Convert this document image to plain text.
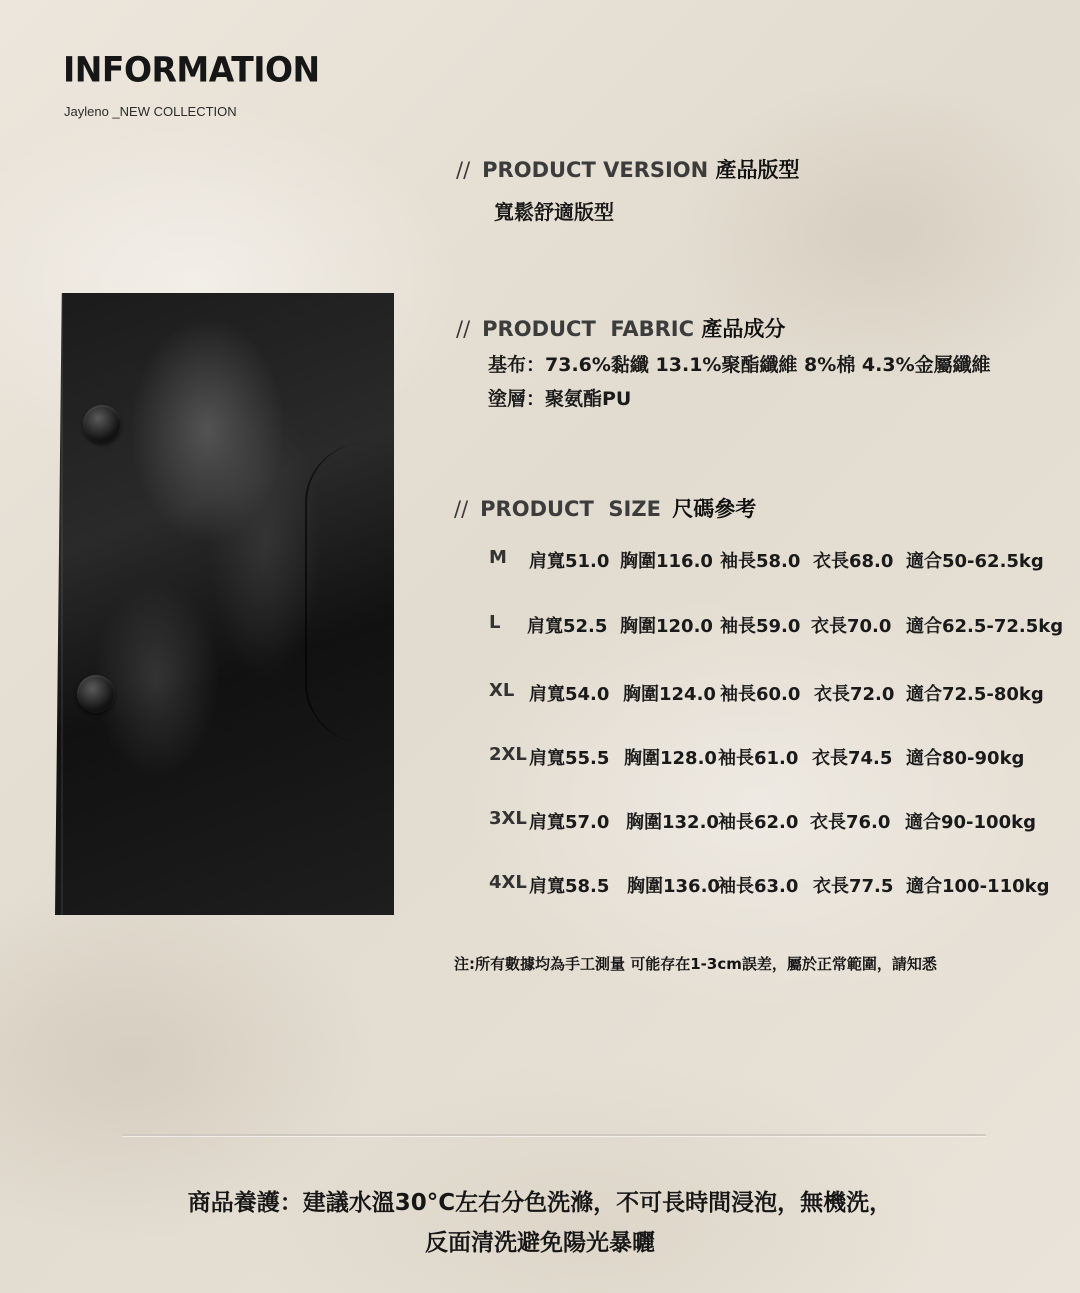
INFORMATION
Jayleno _NEW COLLECTION
// PRODUCT VERSION 產品版型
寬鬆舒適版型
// PRODUCT  FABRIC 產品成分
基布：73.6%黏纖 13.1%聚酯纖維 8%棉 4.3%金屬纖維
塗層：聚氨酯PU
// PRODUCT  SIZE 尺碼參考
M 肩寬51.0 胸圍116.0 袖長58.0 衣長68.0 適合50-62.5kg
L 肩寬52.5 胸圍120.0 袖長59.0 衣長70.0 適合62.5-72.5kg
XL 肩寬54.0 胸圍124.0 袖長60.0 衣長72.0 適合72.5-80kg
2XL 肩寬55.5 胸圍128.0 袖長61.0 衣長74.5 適合80-90kg
3XL 肩寬57.0 胸圍132.0 袖長62.0 衣長76.0 適合90-100kg
4XL 肩寬58.5 胸圍136.0
袖長63.0 衣長77.5 適合100-110kg
注:所有數據均為手工測量 可能存在1-3cm誤差，屬於正常範圍，請知悉
商品養護：建議水溫30°C左右分色洗滌，不可長時間浸泡，無機洗，
反面清洗避免陽光暴曬
